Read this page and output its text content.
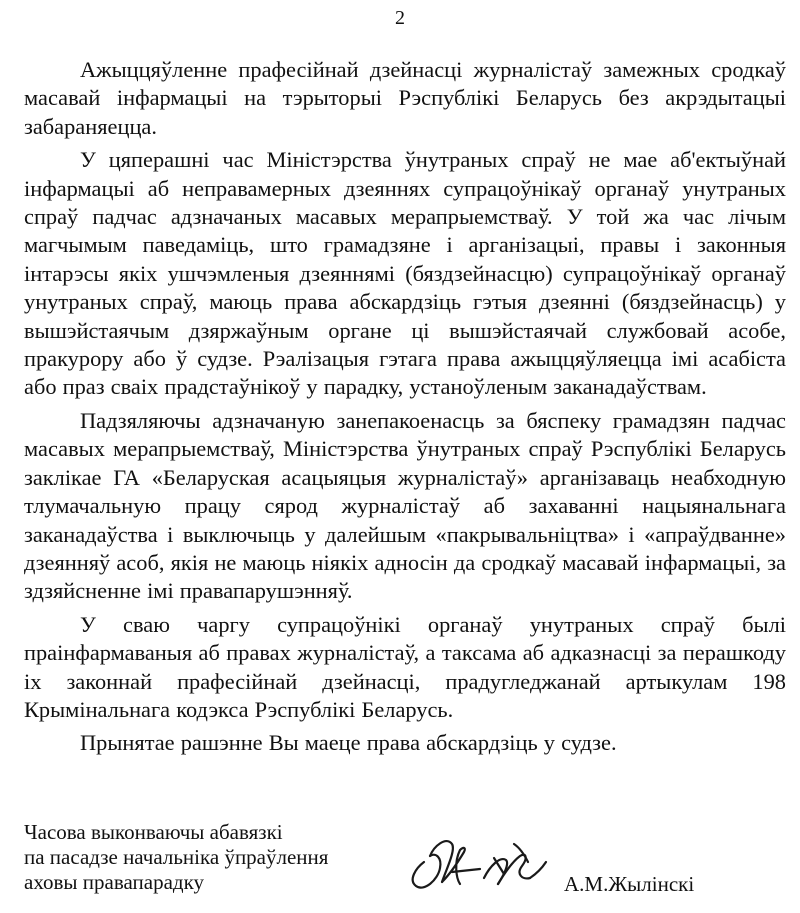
2

Ажыццяўленне прафесійнай дзейнасці журналістаў замежных сродкаў масавай інфармацыі на тэрыторыі Рэспублікі Беларусь без акрэдытацыі забараняецца.

У цяперашні час Міністэрства ўнутраных спраў не мае аб'ектыўнай інфармацыі аб неправамерных дзеяннях супрацоўнікаў органаў унутраных спраў падчас адзначаных масавых мерапрыемстваў. У той жа час лічым магчымым паведаміць, што грамадзяне і арганізацыі, правы і законныя інтарэсы якіх ушчэмленыя дзеяннямі (бяздзейнасцю) супрацоўнікаў органаў унутраных спраў, маюць права абскардзіць гэтыя дзеянні (бяздзейнасць) у вышэйстаячым дзяржаўным органе ці вышэйстаячай службовай асобе, пракурору або ў судзе. Рэалізацыя гэтага права ажыццяўляецца імі асабіста або праз сваіх прадстаўнікоў у парадку, устаноўленым заканадаўствам.

Падзяляючы адзначаную занепакоенасць за бяспеку грамадзян падчас масавых мерапрыемстваў, Міністэрства ўнутраных спраў Рэспублікі Беларусь заклікае ГА «Беларуская асацыяцыя журналістаў» арганізаваць неабходную тлумачальную працу сярод журналістаў аб захаванні нацыянальнага заканадаўства і выключыць у далейшым «пакрывальніцтва» і «апраўдванне» дзеянняў асоб, якія не маюць ніякіх адносін да сродкаў масавай інфармацыі, за здзяйсненне імі правапарушэнняў.

У сваю чаргу супрацоўнікі органаў унутраных спраў былі праінфармаваныя аб правах журналістаў, а таксама аб адказнасці за перашкоду іх законнай прафесійнай дзейнасці, прадугледжанай артыкулам 198 Крымінальнага кодэкса Рэспублікі Беларусь.

Прынятае рашэнне Вы маеце права абскардзіць у судзе.

Часова выконваючы абавязкі
па пасадзе начальніка ўпраўлення
аховы правапарадку	А.М.Жылінскі
